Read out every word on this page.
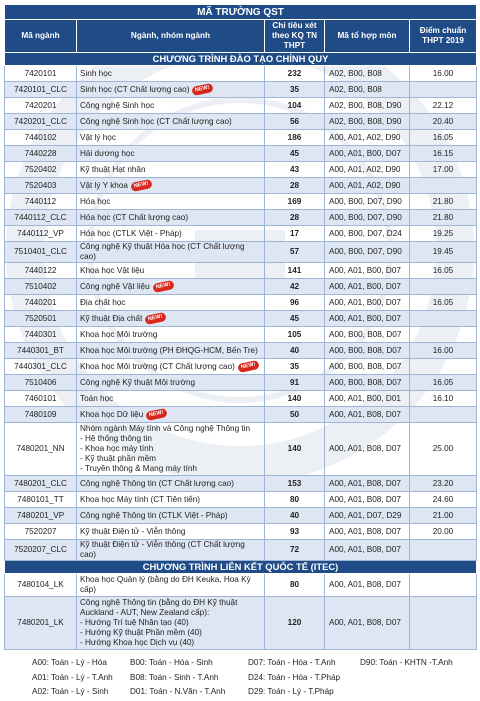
MÃ TRƯỜNG QST				
Mã ngành	Ngành, nhóm ngành	Chỉ tiêu xét theo KQ TN THPT	Mã tổ hợp môn	Điểm chuẩn THPT 2019
CHƯƠNG TRÌNH ĐÀO TẠO CHÍNH QUY				
7420101	Sinh học	232	A02, B00, B08	16.00
7420101_CLC	Sinh học (CT Chất lượng cao) NEW!	35	A02, B00, B08	
7420201	Công nghệ Sinh học	104	A02, B00, B08, D90	22.12
7420201_CLC	Công nghệ Sinh học (CT Chất lượng cao)	56	A02, B00, B08, D90	20.40
7440102	Vật lý học	186	A00, A01, A02, D90	16.05
7440228	Hải dương học	45	A00, A01, B00, D07	16.15
7520402	Kỹ thuật Hạt nhân	43	A00, A01, A02, D90	17.00
7520403	Vật lý Y khoa NEW!	28	A00, A01, A02, D90	
7440112	Hóa học	169	A00, B00, D07, D90	21.80
7440112_CLC	Hóa học (CT Chất lượng cao)	28	A00, B00, D07, D90	21.80
7440112_VP	Hóa học (CTLK Việt - Pháp)	17	A00, B00, D07, D24	19.25
7510401_CLC	Công nghệ Kỹ thuật Hóa học (CT Chất lượng cao)	57	A00, B00, D07, D90	19.45
7440122	Khoa học Vật liệu	141	A00, A01, B00, D07	16.05
7510402	Công nghệ Vật liệu NEW!	42	A00, A01, B00, D07	
7440201	Địa chất học	96	A00, A01, B00, D07	16.05
7520501	Kỹ thuật Địa chất NEW!	45	A00, A01, B00, D07	
7440301	Khoa học Môi trường	105	A00, B00, B08, D07	
7440301_BT	Khoa học Môi trường (PH ĐHQG-HCM, Bến Tre)	40	A00, B00, B08, D07	16.00
7440301_CLC	Khoa học Môi trường (CT Chất lượng cao) NEW!	35	A00, B00, B08, D07	
7510406	Công nghệ Kỹ thuật Môi trường	91	A00, B00, B08, D07	16.05
7460101	Toán học	140	A00, A01, B00, D01	16.10
7480109	Khoa học Dữ liệu NEW!	50	A00, A01, B08, D07	
7480201_NN	Nhóm ngành Máy tính và Công nghệ Thông tin
- Hệ thống thông tin
- Khoa học máy tính
- Kỹ thuật phần mềm
- Truyền thông & Mạng máy tính	140	A00, A01, B08, D07	25.00
7480201_CLC	Công nghệ Thông tin (CT Chất lượng cao)	153	A00, A01, B08, D07	23.20
7480101_TT	Khoa học Máy tính (CT Tiên tiến)	80	A00, A01, B08, D07	24.60
7480201_VP	Công nghệ Thông tin (CTLK Việt - Pháp)	40	A00, A01, D07, D29	21.00
7520207	Kỹ thuật Điện tử - Viễn thông	93	A00, A01, B08, D07	20.00
7520207_CLC	Kỹ thuật Điện tử - Viễn thông (CT Chất lượng cao)	72	A00, A01, B08, D07	
CHƯƠNG TRÌNH LIÊN KẾT QUỐC TẾ (ITEC)				
7480104_LK	Khoa học Quản lý (bằng do ĐH Keuka, Hoa Kỳ cấp)	80	A00, A01, B08, D07	
7480201_LK	Công nghệ Thông tin (bằng do ĐH Kỹ thuật
Auckland - AUT, New Zealand cấp):
- Hướng Trí tuệ Nhân tạo (40)
- Hướng Kỹ thuật Phần mềm (40)
- Hướng Khoa học Dịch vụ (40)	120	A00, A01, B08, D07	
A00: Toán - Lý - Hóa	B00: Toán - Hóa - Sinh	D07: Toán - Hóa - T.Anh	D90: Toán - KHTN -T.Anh
A01: Toán - Lý - T.Anh	B08: Toán - Sinh - T.Anh	D24: Toán - Hóa - T.Pháp
A02: Toán - Lý - Sinh	D01: Toán - N.Văn - T.Anh	D29: Toán - Lý - T.Pháp
